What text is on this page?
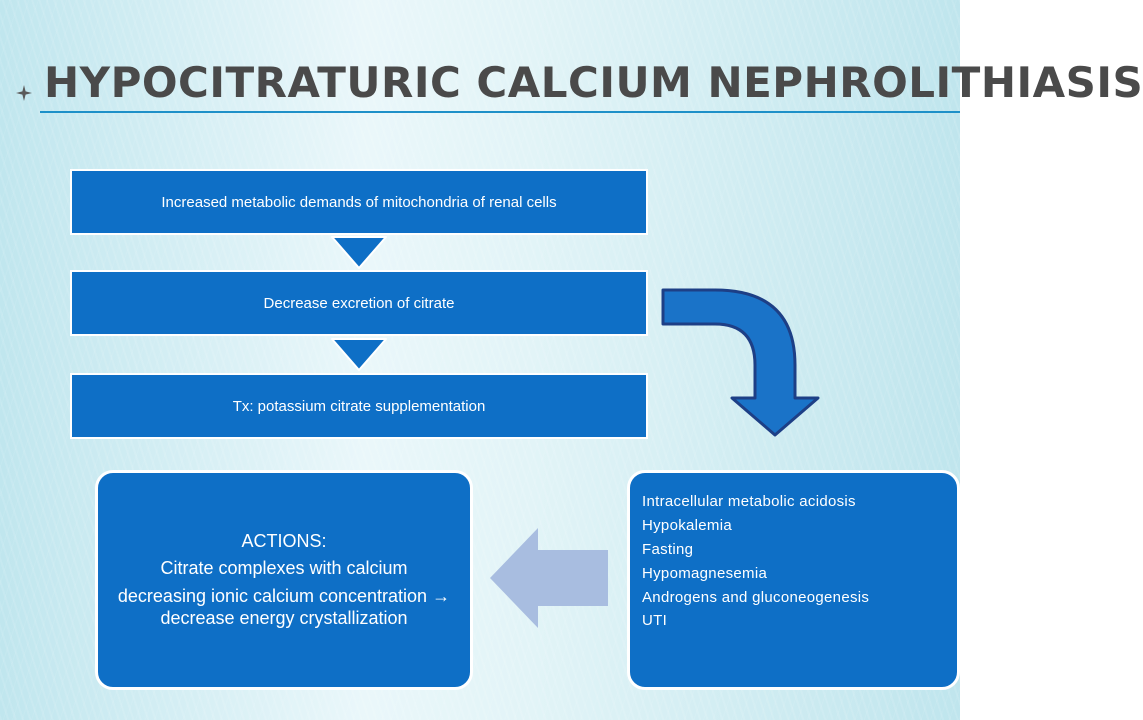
HYPOCITRATURIC CALCIUM NEPHROLITHIASIS
Increased metabolic demands of mitochondria of renal cells
Decrease excretion of citrate
Tx: potassium citrate supplementation
ACTIONS:
Citrate complexes with calcium
decreasing ionic calcium concentration → decrease energy crystallization
Intracellular metabolic acidosis
Hypokalemia
Fasting
Hypomagnesemia
Androgens and gluconeogenesis
UTI
